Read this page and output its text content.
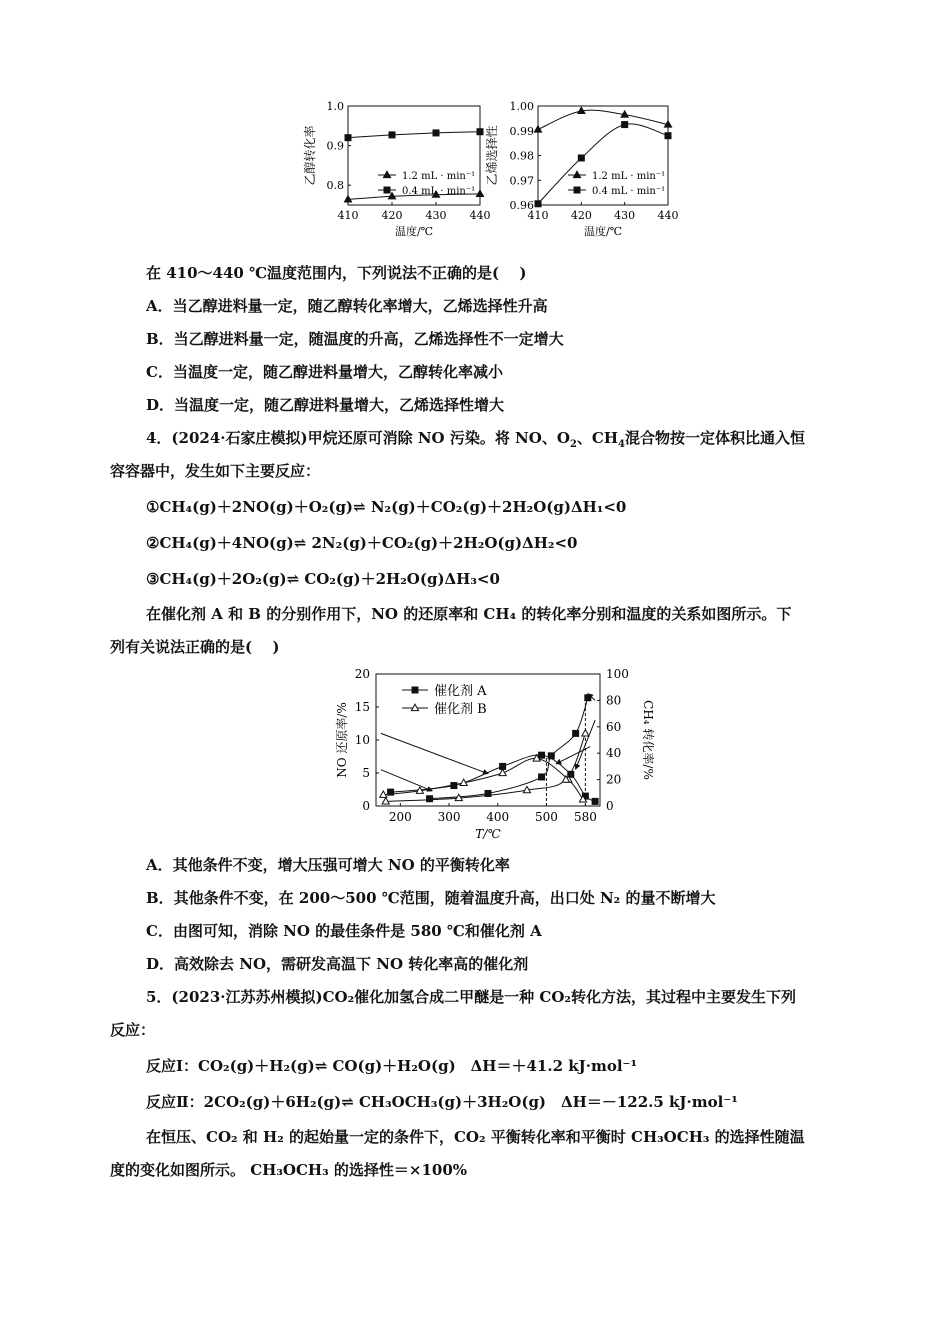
1.0
0.9
0.8
410 420 430 440
温度/℃
乙醇转化率	1.2 mL · min⁻¹
0.4 mL · min⁻¹
1.00
0.99
0.98
0.97
0.96
410 420 430 440
温度/℃
乙烯选择性	1.2 mL · min⁻¹
0.4 mL · min⁻¹
在 410～440 ℃温度范围内，下列说法不正确的是(　 )
A．当乙醇进料量一定，随乙醇转化率增大，乙烯选择性升高
B．当乙醇进料量一定，随温度的升高，乙烯选择性不一定增大
C．当温度一定，随乙醇进料量增大，乙醇转化率减小
D．当温度一定，随乙醇进料量增大，乙烯选择性增大
4．(2024·石家庄模拟)甲烷还原可消除 NO 污染。将 NO、$O_2$、$CH_4$混合物按一定体积比通入恒
容容器中，发生如下主要反应：
①CH₄(g)＋2NO(g)＋O₂(g)⇌ N₂(g)＋CO₂(g)＋2H₂O(g)ΔH₁<0
②CH₄(g)＋4NO(g)⇌ 2N₂(g)＋CO₂(g)＋2H₂O(g)ΔH₂<0
③CH₄(g)＋2O₂(g)⇌ CO₂(g)＋2H₂O(g)ΔH₃<0
在催化剂 A 和 B 的分别作用下，NO 的还原率和 CH₄ 的转化率分别和温度的关系如图所示。下
列有关说法正确的是(　 )
20
15
10
5
0
100
80
60
40
20
0
200 300 400 500 580
T/℃
NO 还原率/%	CH₄ 转化率/%
催化剂 A
催化剂 B
A．其他条件不变，增大压强可增大 NO 的平衡转化率
B．其他条件不变，在 200～500 ℃范围，随着温度升高，出口处 N₂ 的量不断增大
C．由图可知，消除 NO 的最佳条件是 580 ℃和催化剂 A
D．高效除去 NO，需研发高温下 NO 转化率高的催化剂
5．(2023·江苏苏州模拟)CO₂催化加氢合成二甲醚是一种 CO₂转化方法，其过程中主要发生下列
反应：
反应Ⅰ：CO₂(g)＋H₂(g)⇌ CO(g)＋H₂O(g)　ΔH＝＋41.2 kJ·mol⁻¹
反应Ⅱ：2CO₂(g)＋6H₂(g)⇌ CH₃OCH₃(g)＋3H₂O(g)　ΔH＝－122.5 kJ·mol⁻¹
在恒压、CO₂ 和 H₂ 的起始量一定的条件下，CO₂ 平衡转化率和平衡时 CH₃OCH₃ 的选择性随温
度的变化如图所示。 CH₃OCH₃ 的选择性＝×100%
